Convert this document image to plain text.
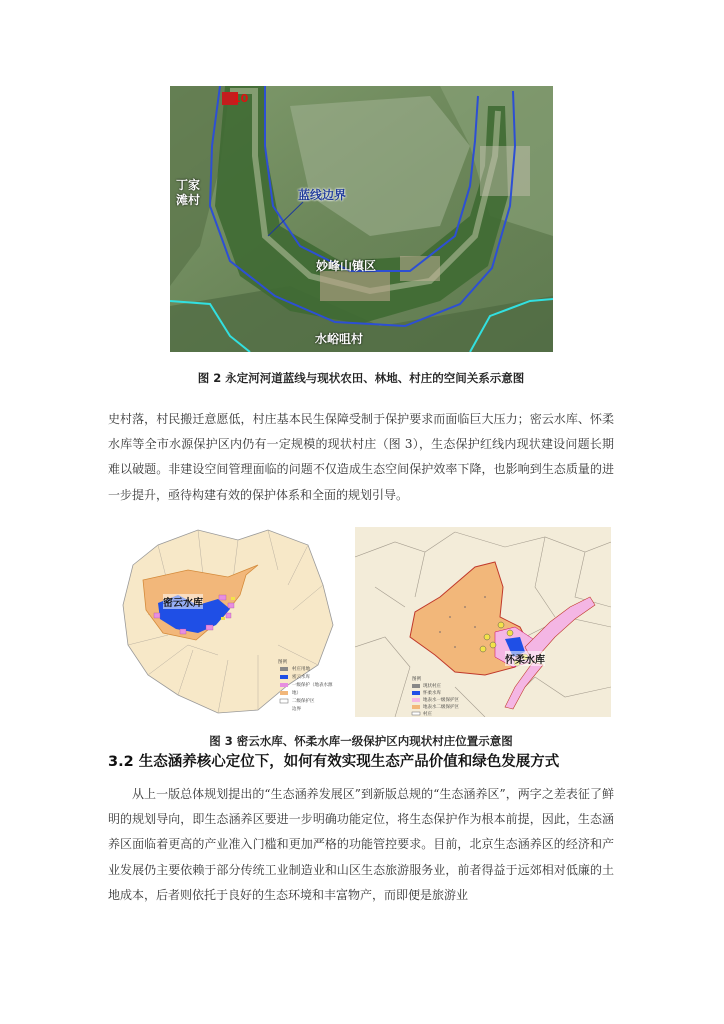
10
丁家
滩村	蓝线边界
妙峰山镇区
水峪咀村
图 2 永定河河道蓝线与现状农田、林地、村庄的空间关系示意图
史村落，村民搬迁意愿低，村庄基本民生保障受制于保护要求而面临巨大压力；密云水库、怀柔水库等全市水源保护区内仍有一定规模的现状村庄（图 3），生态保护红线内现状建设问题长期难以破题。非建设空间管理面临的问题不仅造成生态空间保护效率下降，也影响到生态质量的进一步提升，亟待构建有效的保护体系和全面的规划引导。
密云水库
图例
村庄用地
密云水库
一级保护（地表水源地）
二级保护区
边界
怀柔水库
图例
现状村庄
怀柔水库
地表水一级保护区
地表水二级保护区
村庄
图 3 密云水库、怀柔水库一级保护区内现状村庄位置示意图
3.2 生态涵养核心定位下，如何有效实现生态产品价值和绿色发展方式
从上一版总体规划提出的“生态涵养发展区”到新版总规的“生态涵养区”，两字之差表征了鲜明的规划导向，即生态涵养区要进一步明确功能定位，将生态保护作为根本前提，因此，生态涵养区面临着更高的产业准入门槛和更加严格的功能管控要求。目前，北京生态涵养区的经济和产业发展仍主要依赖于部分传统工业制造业和山区生态旅游服务业，前者得益于远郊相对低廉的土地成本，后者则依托于良好的生态环境和丰富物产，而即便是旅游业
